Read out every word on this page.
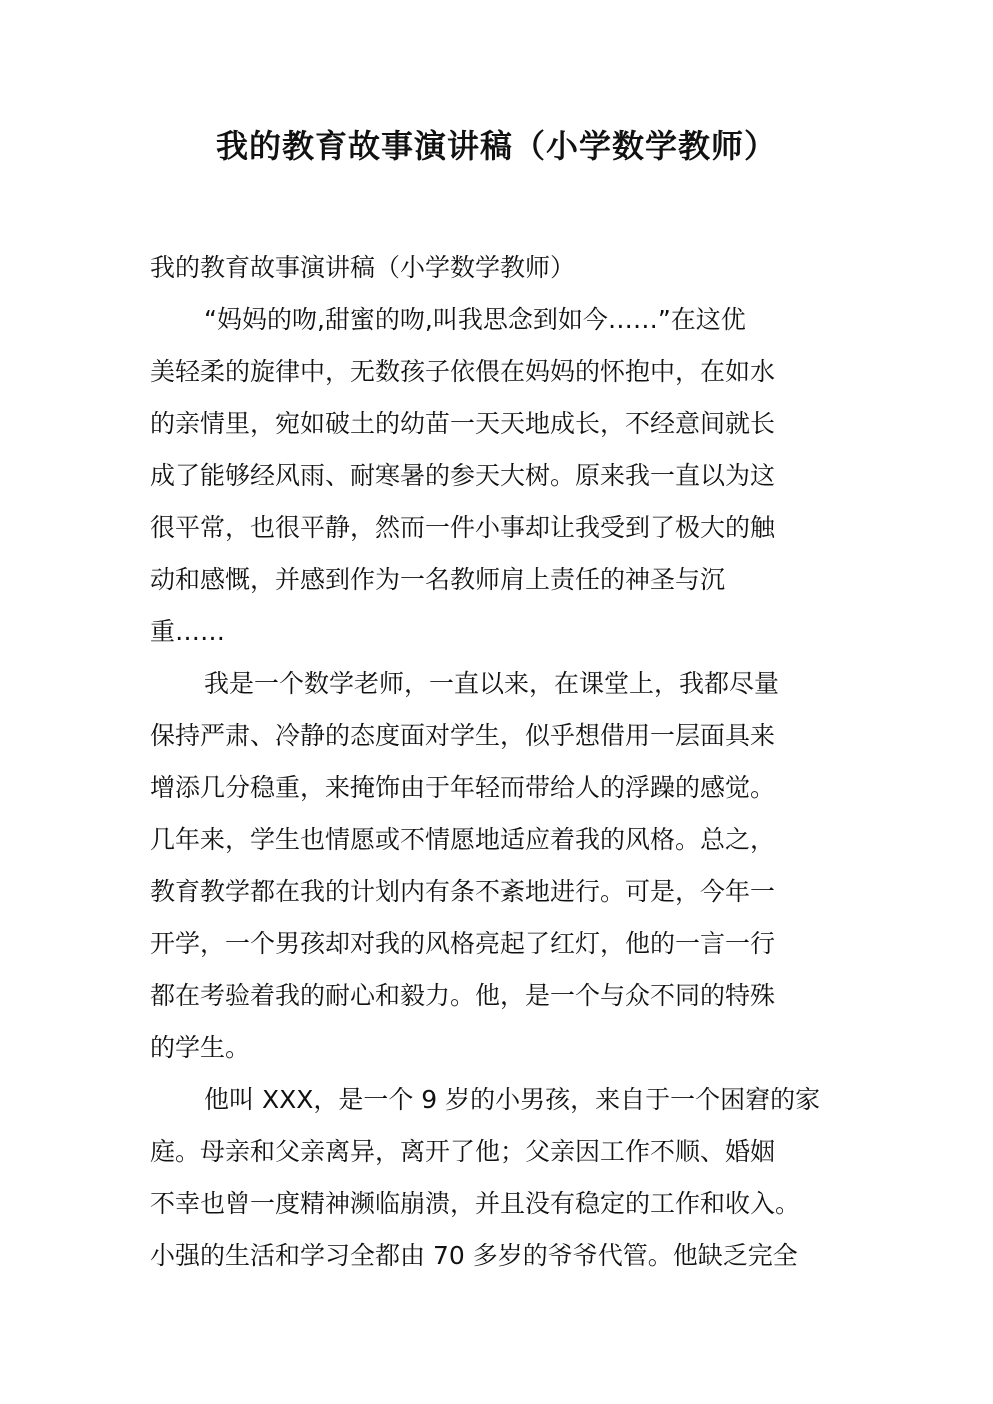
我的教育故事演讲稿（小学数学教师）
我的教育故事演讲稿（小学数学教师）
“妈妈的吻,甜蜜的吻,叫我思念到如今……”在这优
美轻柔的旋律中，无数孩子依偎在妈妈的怀抱中，在如水
的亲情里，宛如破土的幼苗一天天地成长，不经意间就长
成了能够经风雨、耐寒暑的参天大树。原来我一直以为这
很平常，也很平静，然而一件小事却让我受到了极大的触
动和感慨，并感到作为一名教师肩上责任的神圣与沉
重……
我是一个数学老师，一直以来，在课堂上，我都尽量
保持严肃、冷静的态度面对学生，似乎想借用一层面具来
增添几分稳重，来掩饰由于年轻而带给人的浮躁的感觉。
几年来，学生也情愿或不情愿地适应着我的风格。总之，
教育教学都在我的计划内有条不紊地进行。可是，今年一
开学，一个男孩却对我的风格亮起了红灯，他的一言一行
都在考验着我的耐心和毅力。他，是一个与众不同的特殊
的学生。
他叫 XXX，是一个 9 岁的小男孩，来自于一个困窘的家
庭。母亲和父亲离异，离开了他；父亲因工作不顺、婚姻
不幸也曾一度精神濒临崩溃，并且没有稳定的工作和收入。
小强的生活和学习全都由 70 多岁的爷爷代管。他缺乏完全
